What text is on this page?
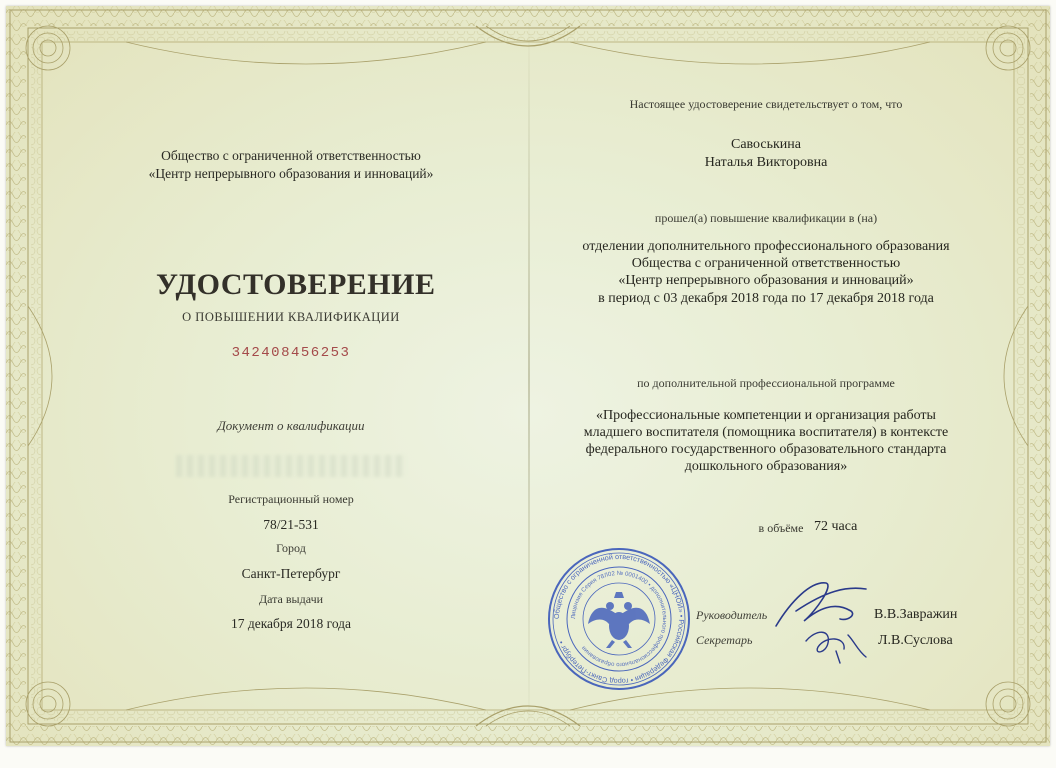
Общество с ограниченной ответственностью
«Центр непрерывного образования и инноваций»
УДОСТОВЕРЕНИЕ
О ПОВЫШЕНИИ КВАЛИФИКАЦИИ
342408456253
Документ о квалификации
Регистрационный номер
78/21-531
Город
Санкт-Петербург
Дата выдачи
17 декабря 2018 года
Настоящее удостоверение свидетельствует о том, что
Савоськина
Наталья Викторовна
прошел(а) повышение квалификации в (на)
отделении дополнительного профессионального образования
Общества с ограниченной ответственностью
«Центр непрерывного образования и инноваций»
в период с 03 декабря 2018 года по 17 декабря 2018 года
по дополнительной профессиональной программе
«Профессиональные компетенции и организация работы
младшего воспитателя (помощника воспитателя) в контексте
федерального государственного образовательного стандарта
дошкольного образования»
в объёме 72 часа
Общество с ограниченной ответственностью «ЦНОИ» • Российская Федерация • город Санкт-Петербург •
Лицензия Серия 78Л02 № 0001400 • дополнительного профессионального образования
Руководитель	В.В.Завражин
Секретарь	Л.В.Суслова
